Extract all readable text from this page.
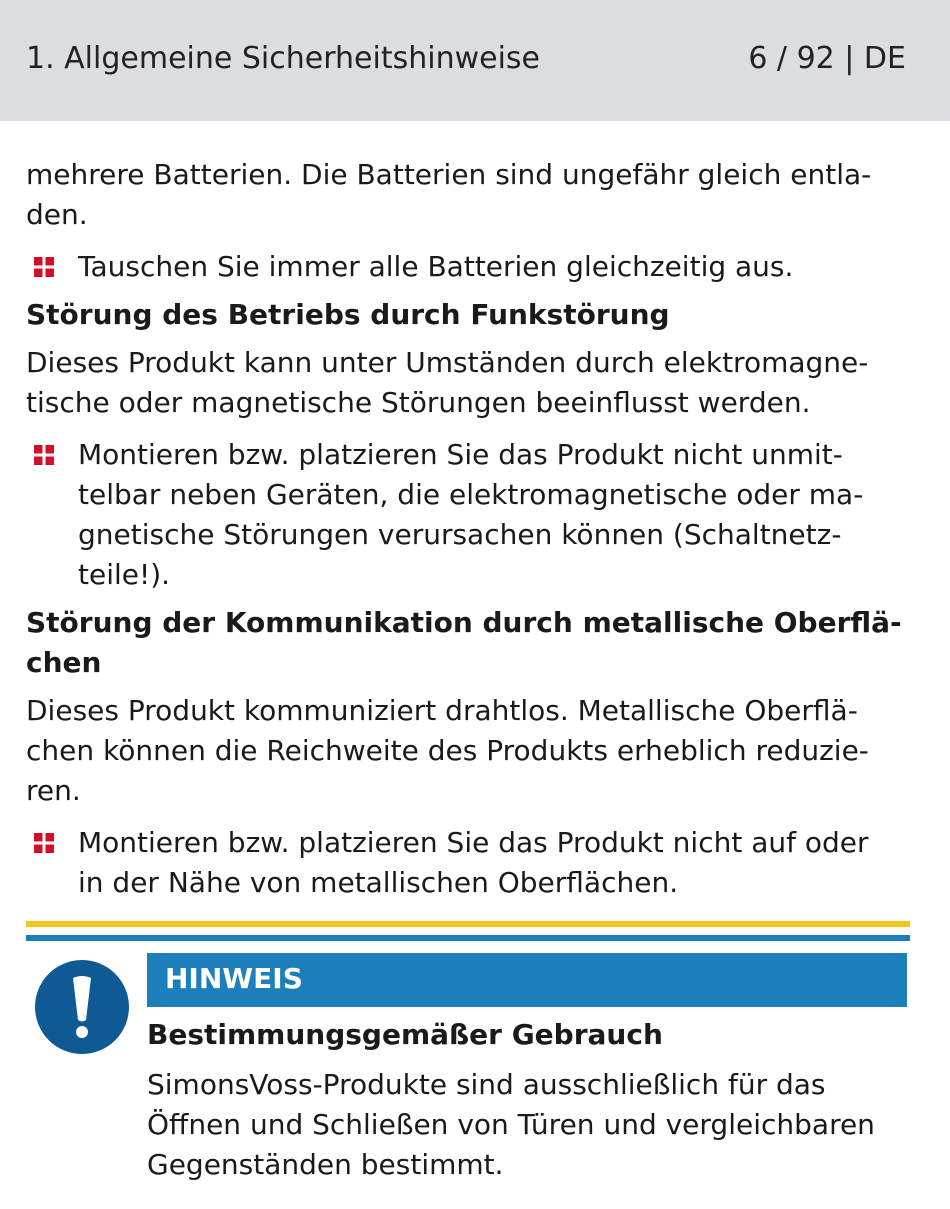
1. Allgemeine Sicherheitshinweise	6 / 92 | DE

mehrere Batterien. Die Batterien sind ungefähr gleich entla-
den.

Tauschen Sie immer alle Batterien gleichzeitig aus.
Störung des Betriebs durch Funkstörung

Dieses Produkt kann unter Umständen durch elektromagne-
tische oder magnetische Störungen beeinflusst werden.

Montieren bzw. platzieren Sie das Produkt nicht unmit-
telbar neben Geräten, die elektromagnetische oder ma-
gnetische Störungen verursachen können (Schaltnetz-
teile!).
Störung der Kommunikation durch metallische Oberflä-
chen

Dieses Produkt kommuniziert drahtlos. Metallische Oberflä-
chen können die Reichweite des Produkts erheblich reduzie-
ren.

Montieren bzw. platzieren Sie das Produkt nicht auf oder
in der Nähe von metallischen Oberflächen.
HINWEIS
Bestimmungsgemäßer Gebrauch
SimonsVoss-Produkte sind ausschließlich für das
Öffnen und Schließen von Türen und vergleichbaren
Gegenständen bestimmt.
